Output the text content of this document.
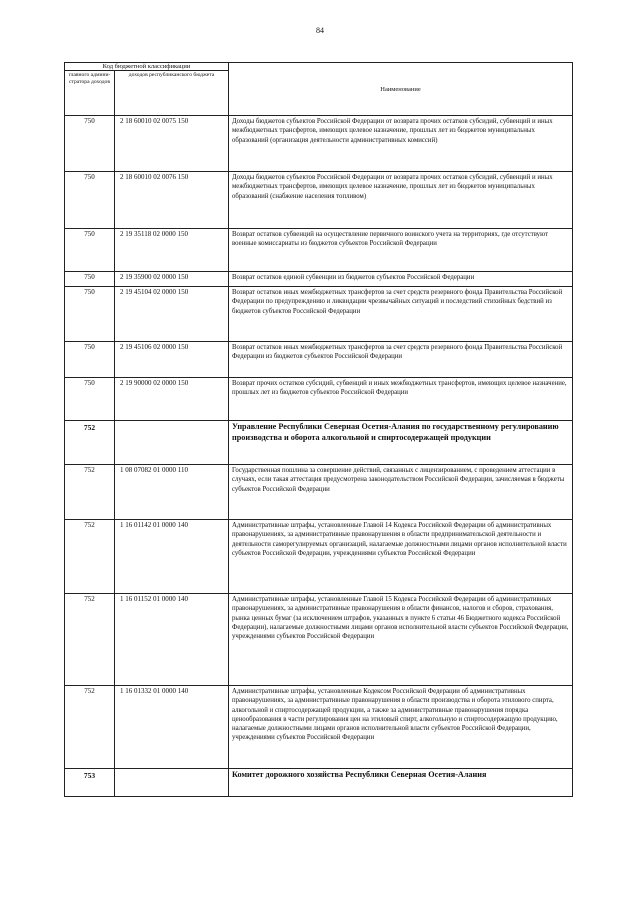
84
Код бюджетной классификации		Наименование
главного админи-стратора доходов	доходов республиканского бюджета	
750	2 18 60010 02 0075 150	Доходы бюджетов субъектов Российской Федерации от возврата прочих остатков субсидий, субвенций и иных межбюджетных трансфертов, имеющих целевое назначение, прошлых лет из бюджетов муниципальных образований (организация деятельности административных комиссий)
750	2 18 60010 02 0076 150	Доходы бюджетов субъектов Российской Федерации от возврата прочих остатков субсидий, субвенций и иных межбюджетных трансфертов, имеющих целевое назначение, прошлых лет из бюджетов муниципальных образований (снабжение населения топливом)
750	2 19 35118 02 0000 150	Возврат остатков субвенций на осуществление первичного воинского учета на территориях, где отсутствуют военные комиссариаты из бюджетов субъектов Российской Федерации
750	2 19 35900 02 0000 150	Возврат остатков единой субвенции из бюджетов субъектов Российской Федерации
750	2 19 45104 02 0000 150	Возврат остатков иных межбюджетных трансфертов за счет средств резервного фонда Правительства Российской Федерации по предупреждению и ликвидации чрезвычайных ситуаций и последствий стихийных бедствий из бюджетов субъектов Российской Федерации
750	2 19 45106 02 0000 150	Возврат остатков иных межбюджетных трансфертов за счет средств резервного фонда Правительства Российской Федерации из бюджетов субъектов Российской Федерации
750	2 19 90000 02 0000 150	Возврат прочих остатков субсидий, субвенций и иных межбюджетных трансфертов, имеющих целевое назначение, прошлых лет из бюджетов субъектов Российской Федерации
752		Управление Республики Северная Осетия-Алания по государственному регулированию производства и оборота алкогольной и спиртосодержащей продукции
752	1 08 07082 01 0000 110	Государственная пошлина за совершение действий, связанных с лицензированием, с проведением аттестации в случаях, если такая аттестация предусмотрена законодательством Российской Федерации, зачисляемая в бюджеты субъектов Российской Федерации
752	1 16 01142 01 0000 140	Административные штрафы, установленные Главой 14 Кодекса Российской Федерации об административных правонарушениях, за административные правонарушения в области предпринимательской деятельности и деятельности саморегулируемых организаций, налагаемые должностными лицами органов исполнительной власти субъектов Российской Федерации, учреждениями субъектов Российской Федерации
752	1 16 01152 01 0000 140	Административные штрафы, установленные Главой 15 Кодекса Российской Федерации об административных правонарушениях, за административные правонарушения в области финансов, налогов и сборов, страхования, рынка ценных бумаг (за исключением штрафов, указанных в пункте 6 статьи 46 Бюджетного кодекса Российской Федерации), налагаемые должностными лицами органов исполнительной власти субъектов Российской Федерации, учреждениями субъектов Российской Федерации
752	1 16 01332 01 0000 140	Административные штрафы, установленные Кодексом Российской Федерации об административных правонарушениях, за административные правонарушения в области производства и оборота этилового спирта, алкогольной и спиртосодержащей продукции, а также за административные правонарушения порядка ценообразования в части регулирования цен на этиловый спирт, алкогольную и спиртосодержащую продукцию, налагаемые должностными лицами органов исполнительной власти субъектов Российской Федерации, учреждениями субъектов Российской Федерации
753		Комитет дорожного хозяйства Республики Северная Осетия-Алания
